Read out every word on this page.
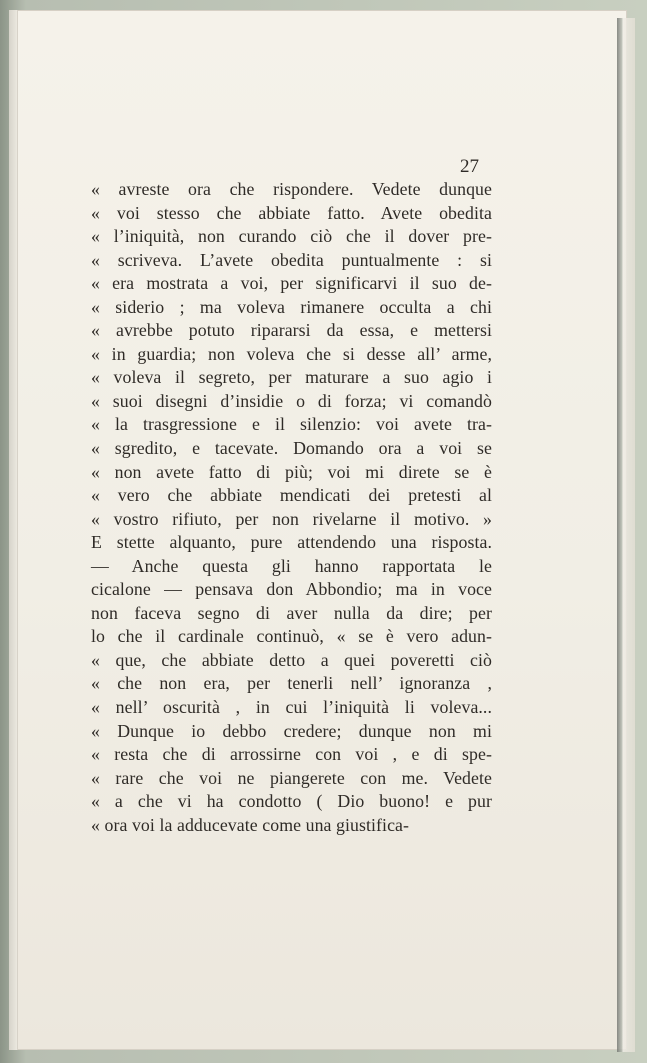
27
« avreste ora che rispondere. Vedete dunque
« voi stesso che abbiate fatto. Avete obedita
« l’iniquità, non curando ciò che il dover pre-
« scriveva. L’avete obedita puntualmente : si
« era mostrata a voi, per significarvi il suo de-
« siderio ; ma voleva rimanere occulta a chi
« avrebbe potuto ripararsi da essa, e mettersi
« in guardia; non voleva che si desse all’ arme,
« voleva il segreto, per maturare a suo agio i
« suoi disegni d’insidie o di forza; vi comandò
« la trasgressione e il silenzio: voi avete tra-
« sgredito, e tacevate. Domando ora a voi se
« non avete fatto di più; voi mi direte se è
« vero che abbiate mendicati dei pretesti al
« vostro rifiuto, per non rivelarne il motivo. »
E stette alquanto, pure attendendo una risposta.
— Anche questa gli hanno rapportata le
cicalone — pensava don Abbondio; ma in voce
non faceva segno di aver nulla da dire; per
lo che il cardinale continuò, « se è vero adun-
« que, che abbiate detto a quei poveretti ciò
« che non era, per tenerli nell’ ignoranza ,
« nell’ oscurità , in cui l’iniquità li voleva...
« Dunque io debbo credere; dunque non mi
« resta che di arrossirne con voi , e di spe-
« rare che voi ne piangerete con me. Vedete
« a che vi ha condotto ( Dio buono! e pur
« ora voi la adducevate come una giustifica-
